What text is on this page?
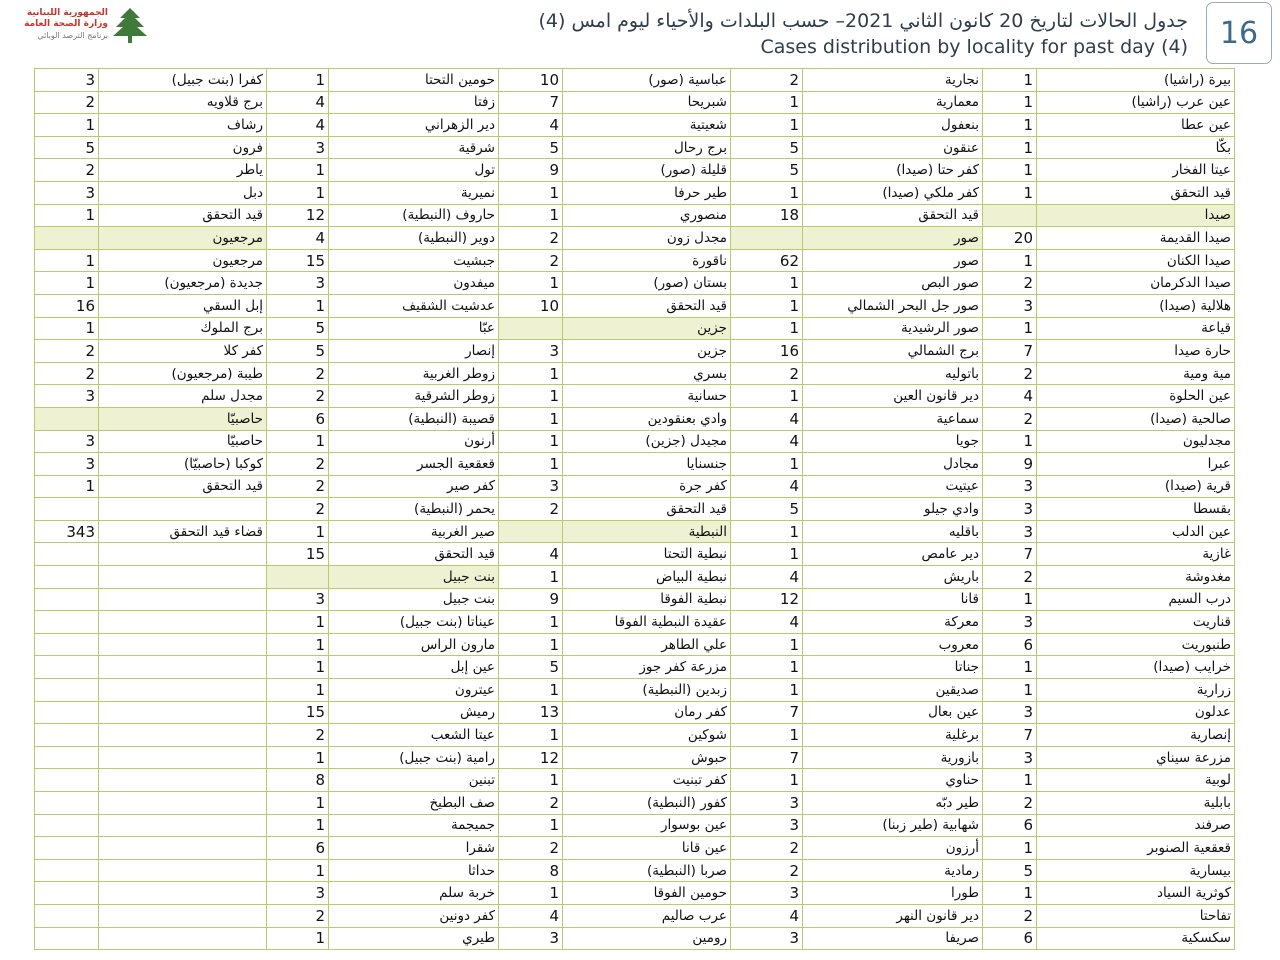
الجمهورية اللبنانية
وزارة الصحة العامة
برنامج الترصد الوبائي
جدول الحالات لتاريخ 20 كانون الثاني 2021– حسب البلدات والأحياء ليوم امس (4)
Cases distribution by locality for past day (4) 16
3	كفرا (بنت جبيل)	1	حومين التحتا	10	عباسية (صور)	2	نجارية	1	بيرة (راشيا)
2	برج قلاويه	4	زفتا	7	شبريحا	1	معمارية	1	عين عرب (راشيا)
1	رشاف	4	دير الزهراني	4	شعيتية	1	بنعفول	1	عين عطا
5	فرون	3	شرقية	5	برج رحال	5	عنقون	1	بكّا
2	ياطر	1	تول	9	قليلة (صور)	5	كفر حتا (صيدا)	1	عيتا الفخار
3	دبل	1	نميرية	1	طير حرفا	1	كفر ملكي (صيدا)	1	قيد التحقق
1	قيد التحقق	12	حاروف (النبطية)	1	منصوري	18	قيد التحقق		صيدا
	مرجعيون	4	دوير (النبطية)	2	مجدل زون		صور	20	صيدا القديمة
1	مرجعيون	15	جبشيت	2	ناقورة	62	صور	1	صيدا الكنان
1	جديدة (مرجعيون)	3	ميفدون	1	بستان (صور)	1	صور البص	2	صيدا الدكرمان
16	إبل السقي	1	عدشيت الشقيف	10	قيد التحقق	1	صور جل البحر الشمالي	3	هلالية (صيدا)
1	برج الملوك	5	عبّا		جزين	1	صور الرشيدية	1	قياعة
2	كفر كلا	5	إنصار	3	جزين	16	برج الشمالي	7	حارة صيدا
2	طيبة (مرجعيون)	2	زوطر الغربية	1	بسري	2	باتوليه	2	مية ومية
3	مجدل سلم	2	زوطر الشرقية	1	حسانية	1	دير قانون العين	4	عين الحلوة
	حاصبيّا	6	قصيبة (النبطية)	1	وادي بعنقودين	4	سماعية	2	صالحية (صيدا)
3	حاصبيّا	1	أرنون	1	مجيدل (جزين)	4	جويا	1	مجدليون
3	كوكبا (حاصبيّا)	2	قعقعية الجسر	1	جنسنايا	1	مجادل	9	عبرا
1	قيد التحقق	2	كفر صير	3	كفر جرة	4	عيتيت	3	قرية (صيدا)
		2	يحمر (النبطية)	2	قيد التحقق	5	وادي جيلو	3	بقسطا
343	قضاء قيد التحقق	1	صير الغربية		النبطية	1	باقليه	3	عين الدلب
		15	قيد التحقق	4	نبطية التحتا	1	دير عامص	7	غازية
			بنت جبيل	1	نبطية البياض	4	باريش	2	مغدوشة
		3	بنت جبيل	9	نبطية الفوقا	12	قانا	1	درب السيم
		1	عيناتا (بنت جبيل)	1	عقيدة النبطية الفوقا	4	معركة	3	قناريت
		1	مارون الراس	1	علي الطاهر	1	معروب	6	طنبوريت
		1	عين إبل	5	مزرعة كفر جوز	1	جناتا	1	خرايب (صيدا)
		1	عيترون	1	زبدين (النبطية)	1	صديقين	1	زرارية
		15	رميش	13	كفر رمان	7	عين بعال	3	عدلون
		2	عيتا الشعب	1	شوكين	1	برغلية	7	إنصارية
		1	رامية (بنت جبيل)	12	حبوش	7	بازورية	3	مزرعة سيناي
		8	تبنين	1	كفر تبنيت	1	حناوي	1	لوبية
		1	صف البطيخ	2	كفور (النبطية)	3	طير دبّه	2	بابلية
		1	جميجمة	1	عين بوسوار	3	شهابية (طير زبنا)	6	صرفند
		6	شقرا	2	عين قانا	2	أرزون	1	قعقعية الصنوبر
		1	حداثا	8	صربا (النبطية)	2	رمادية	5	بيسارية
		3	خربة سلم	1	حومين الفوقا	3	طورا	1	كوثرية السياد
		2	كفر دونين	4	عرب صاليم	4	دير قانون النهر	2	تفاحتا
		1	طيري	3	رومين	3	صريفا	6	سكسكية
